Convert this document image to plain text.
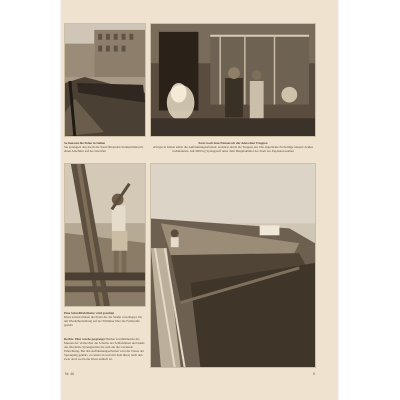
So hausten die Polen in Italien
Sie sprengten den durch die Stadt führenden Straßenbahnwall, einen Abschnitt auf der Dorstfurt
Kurz nach dem Einmarsch der deutschen Truppen
erfolgte in Italien selbst die Aufräumungsarbeiten; zerstörte durch die Truppen ein. Die angerückte Freiwillige unserer Armee verhinderten, daß 3900 kg Sprengstoff unter dem Hauptbahnhof der Stadt zur Explosion kamen
Eine Schreibfabrikette wird gezeitigt
Diese zerstört haben die Polen die die Straße verschleppt. Da am Wiederherstellung auf der Trümmer über die Feldstraße gesiebt
Rechts: Hier wurde gesprengt Hierher zertrümmerten die Massen der Verbrecher die Scheibe der Schlafstätten und dankt das allerletzte Sprengstellen die sein die die werdende Einrichtung. Bei den Aufräumungsarbeiten wird die Trasse der Sprengung geklärt, es rundet an weit mit dem ihren, nach den zwar doch wertvolle Klotz endlich ist.
Nr. 46	5
